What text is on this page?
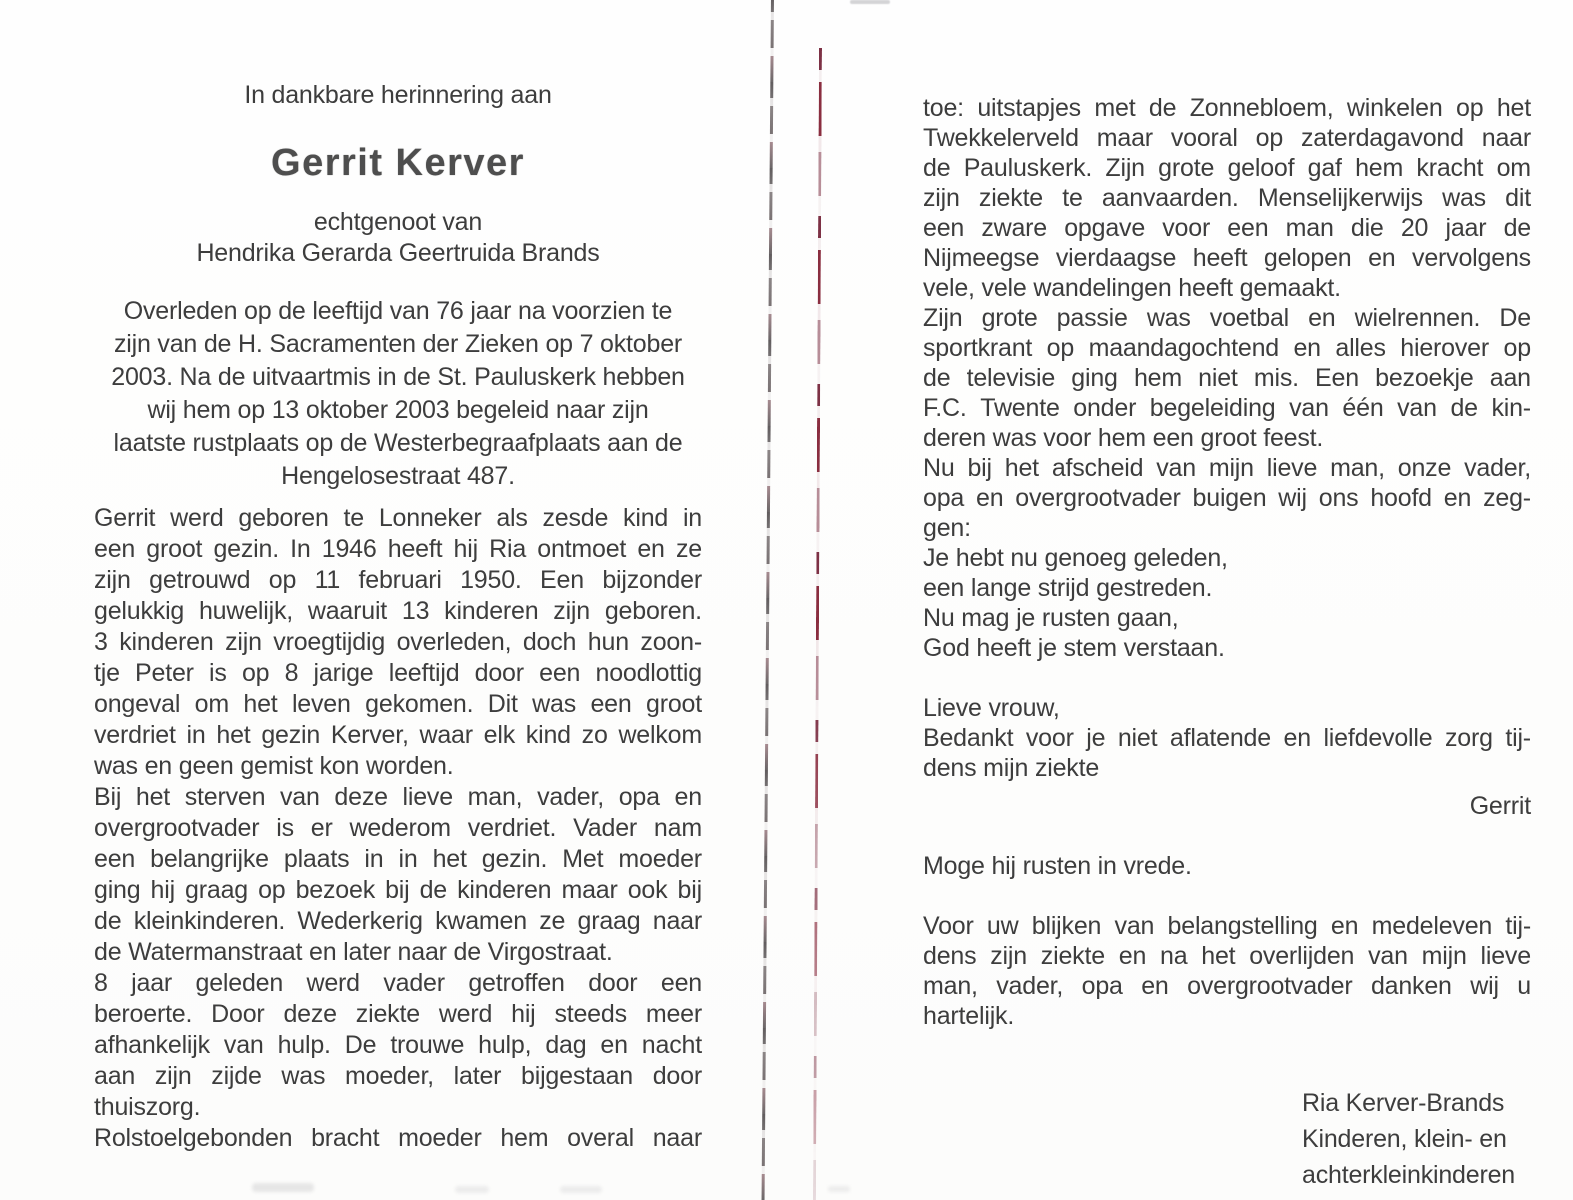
In dankbare herinnering aan
Gerrit Kerver
echtgenoot van
Hendrika Gerarda Geertruida Brands
Overleden op de leeftijd van 76 jaar na voorzien te
zijn van de H. Sacramenten der Zieken op 7 oktober
2003. Na de uitvaartmis in de St. Pauluskerk hebben
wij hem op 13 oktober 2003 begeleid naar zijn
laatste rustplaats op de Westerbegraafplaats aan de
Hengelosestraat 487.
Gerrit werd geboren te Lonneker als zesde kind in
een groot gezin. In 1946 heeft hij Ria ontmoet en ze
zijn getrouwd op 11 februari 1950. Een bijzonder
gelukkig huwelijk, waaruit 13 kinderen zijn geboren.
3 kinderen zijn vroegtijdig overleden, doch hun zoon-
tje Peter is op 8 jarige leeftijd door een noodlottig
ongeval om het leven gekomen. Dit was een groot
verdriet in het gezin Kerver, waar elk kind zo welkom
was en geen gemist kon worden.
Bij het sterven van deze lieve man, vader, opa en
overgrootvader is er wederom verdriet. Vader nam
een belangrijke plaats in in het gezin. Met moeder
ging hij graag op bezoek bij de kinderen maar ook bij
de kleinkinderen. Wederkerig kwamen ze graag naar
de Watermanstraat en later naar de Virgostraat.
8 jaar geleden werd vader getroffen door een
beroerte. Door deze ziekte werd hij steeds meer
afhankelijk van hulp. De trouwe hulp, dag en nacht
aan zijn zijde was moeder, later bijgestaan door
thuiszorg.
Rolstoelgebonden bracht moeder hem overal naar
toe: uitstapjes met de Zonnebloem, winkelen op het
Twekkelerveld maar vooral op zaterdagavond naar
de Pauluskerk. Zijn grote geloof gaf hem kracht om
zijn ziekte te aanvaarden. Menselijkerwijs was dit
een zware opgave voor een man die 20 jaar de
Nijmeegse vierdaagse heeft gelopen en vervolgens
vele, vele wandelingen heeft gemaakt.
Zijn grote passie was voetbal en wielrennen. De
sportkrant op maandagochtend en alles hierover op
de televisie ging hem niet mis. Een bezoekje aan
F.C. Twente onder begeleiding van één van de kin-
deren was voor hem een groot feest.
Nu bij het afscheid van mijn lieve man, onze vader,
opa en overgrootvader buigen wij ons hoofd en zeg-
gen:
Je hebt nu genoeg geleden,
een lange strijd gestreden.
Nu mag je rusten gaan,
God heeft je stem verstaan.
Lieve vrouw,
Bedankt voor je niet aflatende en liefdevolle zorg tij-
dens mijn ziekte
Gerrit
Moge hij rusten in vrede.
Voor uw blijken van belangstelling en medeleven tij-
dens zijn ziekte en na het overlijden van mijn lieve
man, vader, opa en overgrootvader danken wij u
hartelijk.
Ria Kerver-Brands
Kinderen, klein- en
achterkleinkinderen
